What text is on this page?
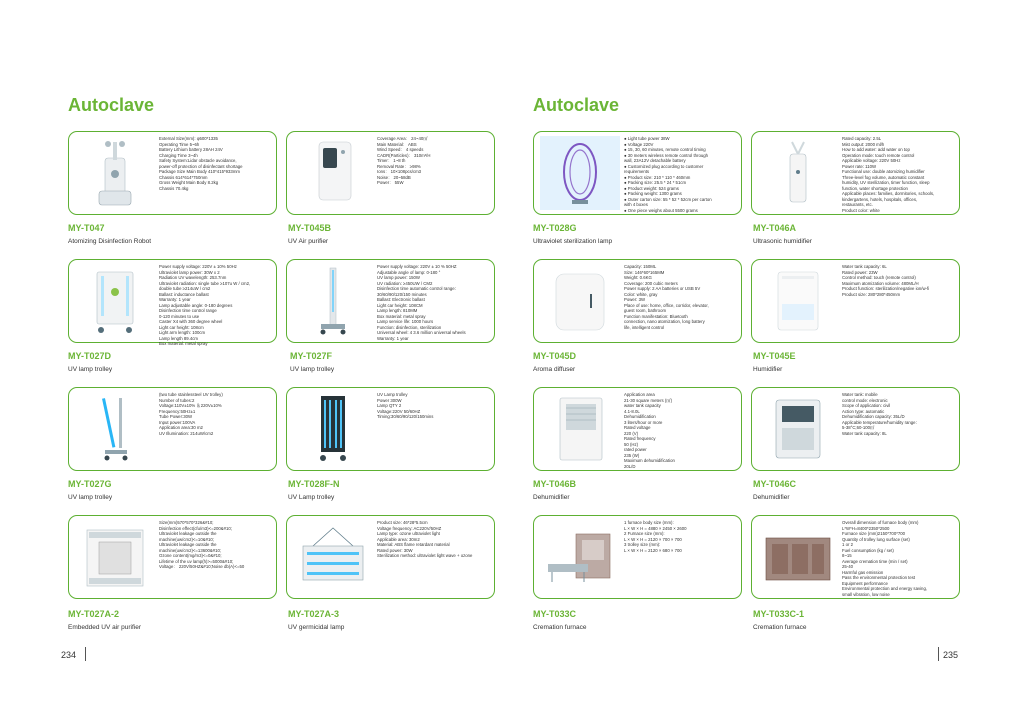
Autoclave
External Size(mm): φ500*1335
Operating Time 5~6h
Battery Lithium battery 28AH 24V
Charging Time 3~4h
Safety System:Lidar obstacle avoidance,
power-off protection of disinfectant shortage
Package Size Main Body 410*415*933mm
Chassis 614*614*750mm
Gross Weight Main Body 8.2kg
Chassis 70.4kg
Coverage Area： 24~40㎡
Main Material： ABS
Wind Speed： 4 speeds
CADR(Particles)： 310m³/H
Timer： 1~8 th
Removal Rate： ≥98%
Ions： 10×108pcs/cm3
Noise： 20~58dB
Power： 55W
MY-T047
Atomizing Disinfection Robot
MY-T045B
UV Air purifier
Power supply voltage: 220V ± 10% 50Hz
Ultraviolet lamp power: 30W x 2
Radiation UV wavelength: 253.7nm
Ultraviolet radiation: single tube ≥107u W / cm2,
double tube ≥214uW / cm2
Ballast: inductance ballast
Warranty: 1 year
Lamp adjustable angle: 0-180 degrees
Disinfection time control range
0-120 minutes to use
Caster X4 with 360 degree wheel
Light car height: 108cm
Light arm length: 100cm
Lamp length 89.4cm
Box material: metal spray
Power supply voltage: 220V ± 10 % 50HZ
Adjustable angle of lamp: 0-180 °
UV lamp power: 150W
UV radiation: ≥450UW / CM2
Disinfection time automatic control range:
30/60/90/120/150 minutes
Ballast: Electronic ballast
Light car height: 108CM
Lamp length: 810MM
Box material: metal spray
Lamp service life: 1000 hours
Function: disinfection, sterilization
Universal wheel: 4 3.6 million universal wheels
Warranty: 1 year
MY-T027D
UV lamp trolley
MY-T027F
UV lamp trolley
(two tube stainlessteel UV trolley)
Number of tubes:2
Voltage:110V±10% ＆220V±10%
Frequency:50Hz±1
Tube Power:30W
Input power:100VA
Application area:30 m2
UV Illumination: 214uW/cm2
UV Lamp trolley
Power 300W
Lamp QTY 2
Voltage:220V 50/60HZ
Timing:30/60/90/120/150mins
MY-T027G
UV lamp trolley
MY-T028F-N
UV Lamp trolley
Size(mm)570*570*326&#10;
Disinfection effect(cfu/m3)<=200&#10;
Ultraviolet leakage outside the
machine(uw/cm2)<=10&#10;
Ultraviolet leakage outside the
machine(uw/cm2)<=13600&#10;
Ozone content(mg/m3)<=0&#10;
Lifetime of the uv lamp(h)>=5000&#10;
Voltage： 220V/50HZ&#10;Noise db(A)<=50
Product size: 46*28*5.5cm
Voltage frequency: AC220V/50HZ
Lamp type: ozone ultraviolet light
Applicable area: 30m2
Material: ABS flame retardant material
Rated power: 30W
Sterilization method: ultraviolet light wave + ozone
MY-T027A-2
Embedded UV air purifier
MY-T027A-3
UV germicidal lamp
234
Autoclave
● Light tube power 38W
● Voltage 220V
● 15, 30, 60 minutes, remote control timing
● 30 meters wireless remote control through
wall, 23A12V detachable battery
● Customized plug according to customer
requirements
● Product size: 210 * 110 * 460mm
● Packing size: 25.5 * 24 * 51cm
● Product weight: 524 grams
● Packing weight: 1300 grams
● Outer carton size: 55 * 52 * 52cm per carton
with 4 boxes
● One piece weighs about 5500 grams
Rated capacity: 2.5L
Mist output: 2000 ml/h
How to add water: add water on top
Operation mode: touch remote control
Applicable voltage: 220V 50Hz
Power rate: 110W
Functional use: double atomizing humidifier
Three-level fog volume, automatic constant
humidity, UV sterilization, timer function, sleep
function, water shortage protection
Applicable places: families, dormitories, schools,
kindergartens, hotels, hospitals, offices,
restaurants, etc.
Product color: white
MY-T028G
Ultraviolet sterilization lamp
MY-T046A
Ultrasonic humidifier
Capacity: 150ML
Size: 146*60*165MM
Weight: 0.6KG
Coverage: 200 cubic meters
Power supply: 2 AA batteries or USB 5V
Color: white, gray
Power: 3W
Place of use: home, office, corridor, elevator,
guest room, bathroom
Function manifestation: Bluetooth
connection, nano atomization, long battery
life, intelligent control
Water tank capacity: 6L
Rated power: 23W
Control method: touch (remote control)
Maximum atomization volume: 480ML/H
Product function: sterilization/negative ion/w-fi
Product size: 280*280*450mm
MY-T045D
Aroma diffuser
MY-T045E
Humidifier
Application area
21-30 square meters (㎡)
water tank capacity
4.1-8.0L
Dehumidification
3 liters/hour or more
Rated voltage
220 (V)
Rated frequency
50 (Hz)
rated power
235 (W)
Maximum dehumidification
20L/D
Water tank: mobile
control mode: electronic
Scope of application: civil
Action type: automatic
Dehumidification capacity: 35L/D
Applicable temperature/humidity range:
5-38°C;60-100㎡
Water tank capacity: 8L
MY-T046B
Dehumidifier
MY-T046C
Dehumidifier
1 furnace body size (mm):
L × W × H = 4880 × 2450 × 2600
2 Furnace size (mm):
L × W × H = 2120 × 700 × 700
3 trolley size (mm):
L × W × H = 2120 × 680 × 700
Overall dimension of furnace body (mm)
L*W*H=8400*2350*2500
Furnace size (mm)2150*700*700
Quantity of trolley lung surface (set)
1 or 2
Fuel consumption (kg / set)
8~15
Average cremation time (min / set)
25-40
Harmful gas emission
Pass the environmental protection test
Equipment performance
Environmental protection and energy saving,
small vibration, low noise
MY-T033C
Cremation furnace
MY-T033C-1
Cremation furnace
235
